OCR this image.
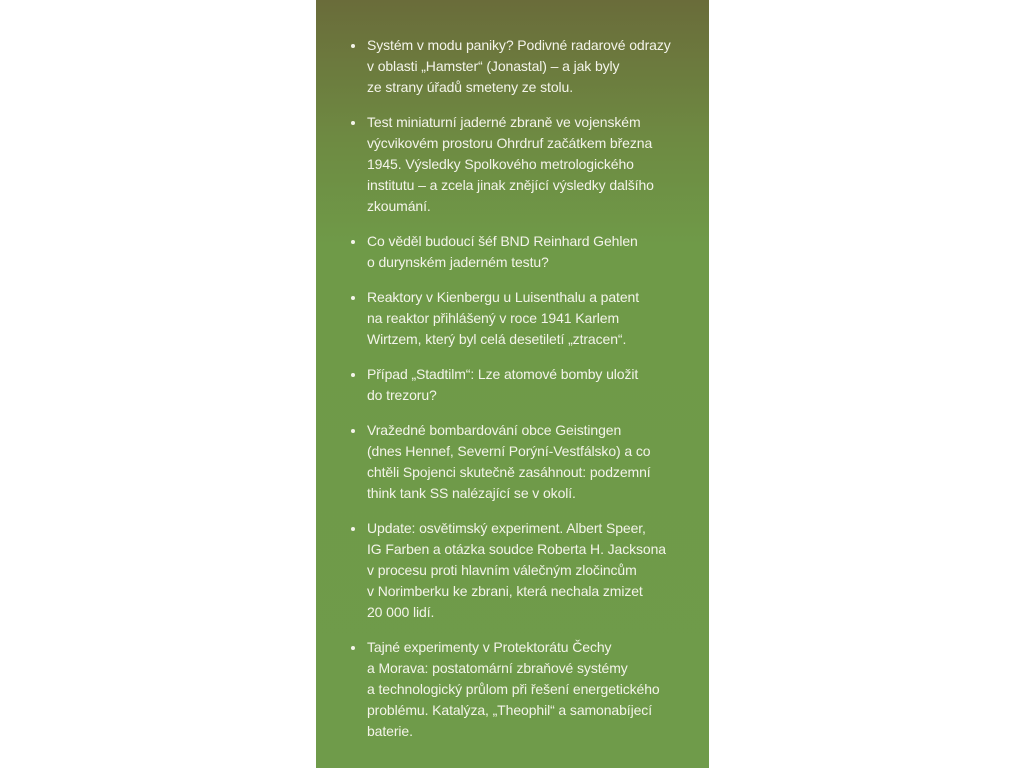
Systém v modu paniky? Podivné radarové odrazy
v oblasti „Hamster“ (Jonastal) – a jak byly
ze strany úřadů smeteny ze stolu.
Test miniaturní jaderné zbraně ve vojenském
výcvikovém prostoru Ohrdruf začátkem března
1945. Výsledky Spolkového metrologického
institutu – a zcela jinak znějící výsledky dalšího
zkoumání.
Co věděl budoucí šéf BND Reinhard Gehlen
o durynském jaderném testu?
Reaktory v Kienbergu u Luisenthalu a patent
na reaktor přihlášený v roce 1941 Karlem
Wirtzem, který byl celá desetiletí „ztracen“.
Případ „Stadtilm“: Lze atomové bomby uložit
do trezoru?
Vražedné bombardování obce Geistingen
(dnes Hennef, Severní Porýní-Vestfálsko) a co
chtěli Spojenci skutečně zasáhnout: podzemní
think tank SS nalézající se v okolí.
Update: osvětimský experiment. Albert Speer,
IG Farben a otázka soudce Roberta H. Jacksona
v procesu proti hlavním válečným zločincům
v Norimberku ke zbrani, která nechala zmizet
20 000 lidí.
Tajné experimenty v Protektorátu Čechy
a Morava: postatomární zbraňové systémy
a technologický průlom při řešení energetického
problému. Katalýza, „Theophil“ a samonabíjecí
baterie.
